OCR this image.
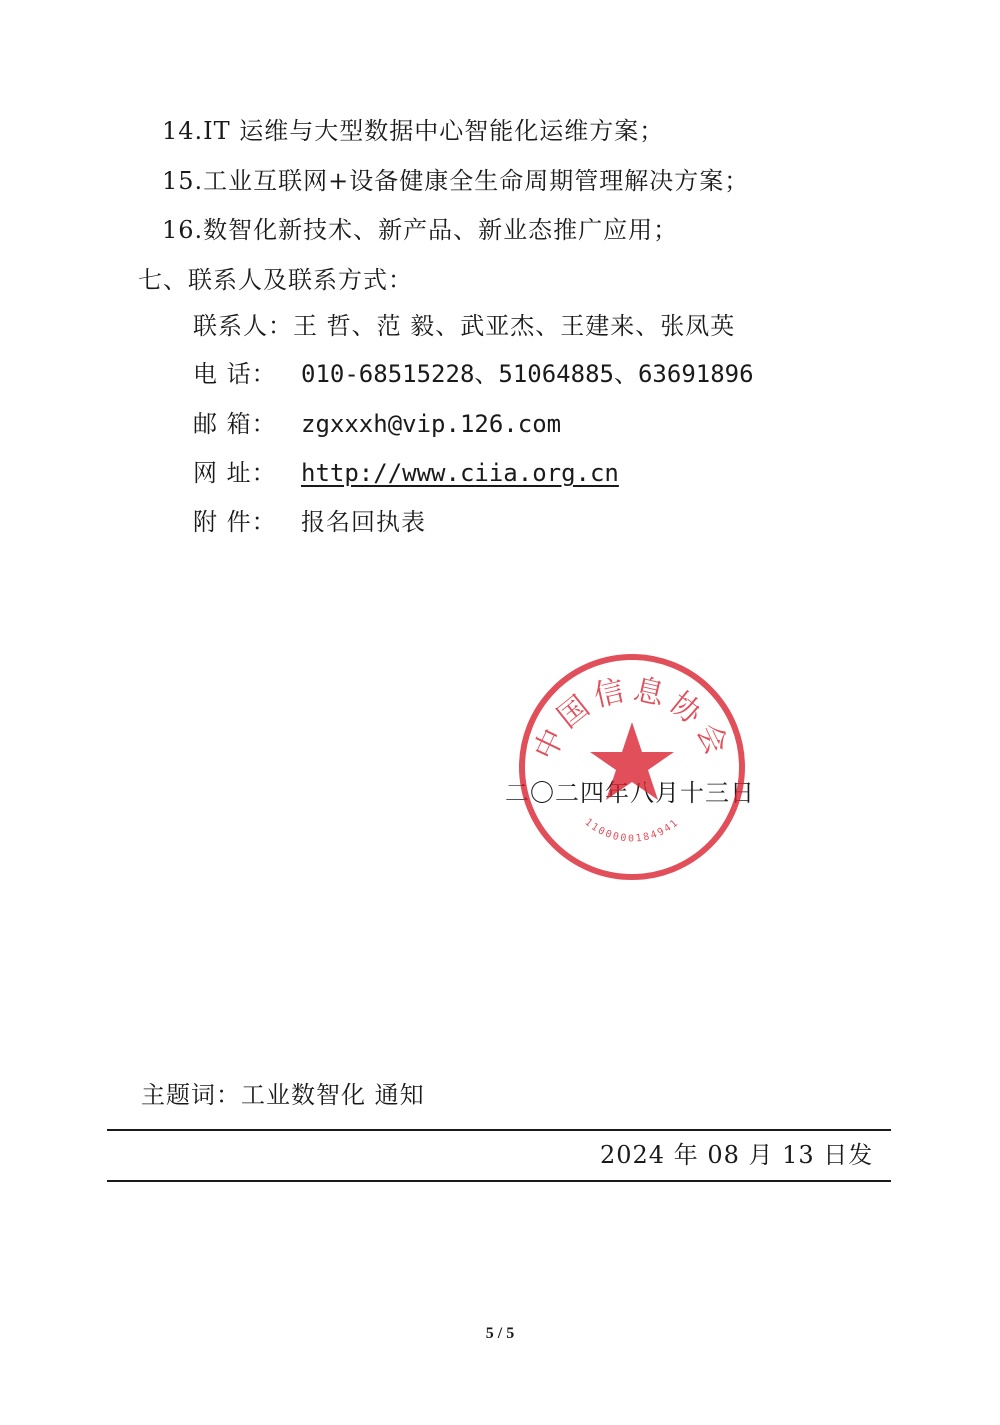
14.IT 运维与大型数据中心智能化运维方案；
15.工业互联网+设备健康全生命周期管理解决方案；
16.数智化新技术、新产品、新业态推广应用；
七、联系人及联系方式：
联系人：王 哲、范 毅、武亚杰、王建来、张凤英
电 话： 010-68515228、51064885、63691896
邮 箱： zgxxxh@vip.126.com
网 址： http://www.ciia.org.cn
附 件： 报名回执表
二〇二四年八月十三日
中国信息协会
1100000184941
主题词：工业数智化 通知
2024 年 08 月 13 日发
5 / 5
